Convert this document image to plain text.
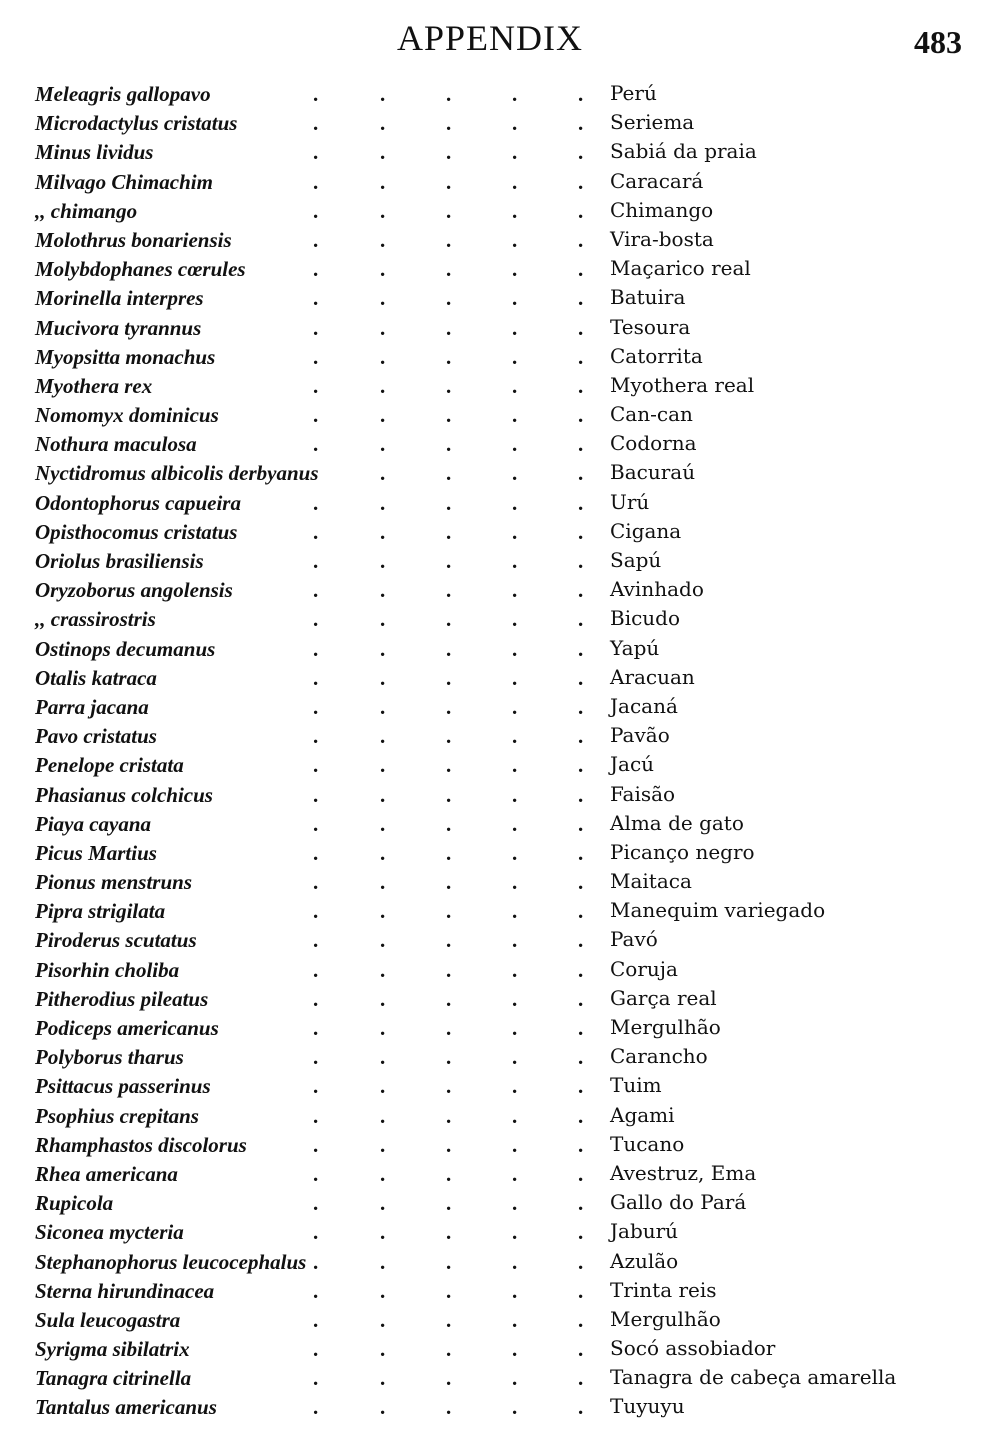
APPENDIX	483
Meleagris gallopavo	.	.	.	.	. Perú
Microdactylus cristatus	.	.	.	.	. Seriema
Minus lividus	.	.	.	.	. Sabiá da praia
Milvago Chimachim	.	.	.	.	. Caracará
,, chimango	.	.	.	.	. Chimango
Molothrus bonariensis	.	.	.	.	. Vira-bosta
Molybdophanes cœrules	.	.	.	.	. Maçarico real
Morinella interpres	.	.	.	.	. Batuira
Mucivora tyrannus	.	.	.	.	. Tesoura
Myopsitta monachus	.	.	.	.	. Catorrita
Myothera rex	.	.	.	.	. Myothera real
Nomomyx dominicus	.	.	.	.	. Can-can
Nothura maculosa	.	.	.	.	. Codorna
Nyctidromus albicolis derbyanus	.	.	.	. Bacuraú
Odontophorus capueira	.	.	.	.	. Urú
Opisthocomus cristatus	.	.	.	.	. Cigana
Oriolus brasiliensis	.	.	.	.	. Sapú
Oryzoborus angolensis	.	.	.	.	. Avinhado
,, crassirostris	.	.	.	.	. Bicudo
Ostinops decumanus	.	.	.	.	. Yapú
Otalis katraca	.	.	.	.	. Aracuan
Parra jacana	.	.	.	.	. Jacaná
Pavo cristatus	.	.	.	.	. Pavão
Penelope cristata	.	.	.	.	. Jacú
Phasianus colchicus	.	.	.	.	. Faisão
Piaya cayana	.	.	.	.	. Alma de gato
Picus Martius	.	.	.	.	. Picanço negro
Pionus menstruns	.	.	.	.	. Maitaca
Pipra strigilata	.	.	.	.	. Manequim variegado
Piroderus scutatus	.	.	.	.	. Pavó
Pisorhin choliba	.	.	.	.	. Coruja
Pitherodius pileatus	.	.	.	.	. Garça real
Podiceps americanus	.	.	.	.	. Mergulhão
Polyborus tharus	.	.	.	.	. Carancho
Psittacus passerinus	.	.	.	.	. Tuim
Psophius crepitans	.	.	.	.	. Agami
Rhamphastos discolorus	.	.	.	.	. Tucano
Rhea americana	.	.	.	.	. Avestruz, Ema
Rupicola	.	.	.	.	. Gallo do Pará
Siconea mycteria	.	.	.	.	. Jaburú
Stephanophorus leucocephalus .	.	.	.	. Azulão
Sterna hirundinacea	.	.	.	.	. Trinta reis
Sula leucogastra	.	.	.	.	. Mergulhão
Syrigma sibilatrix	.	.	.	.	. Socó assobiador
Tanagra citrinella	.	.	.	.	. Tanagra de cabeça amarella
Tantalus americanus	.	.	.	.	. Tuyuyu
